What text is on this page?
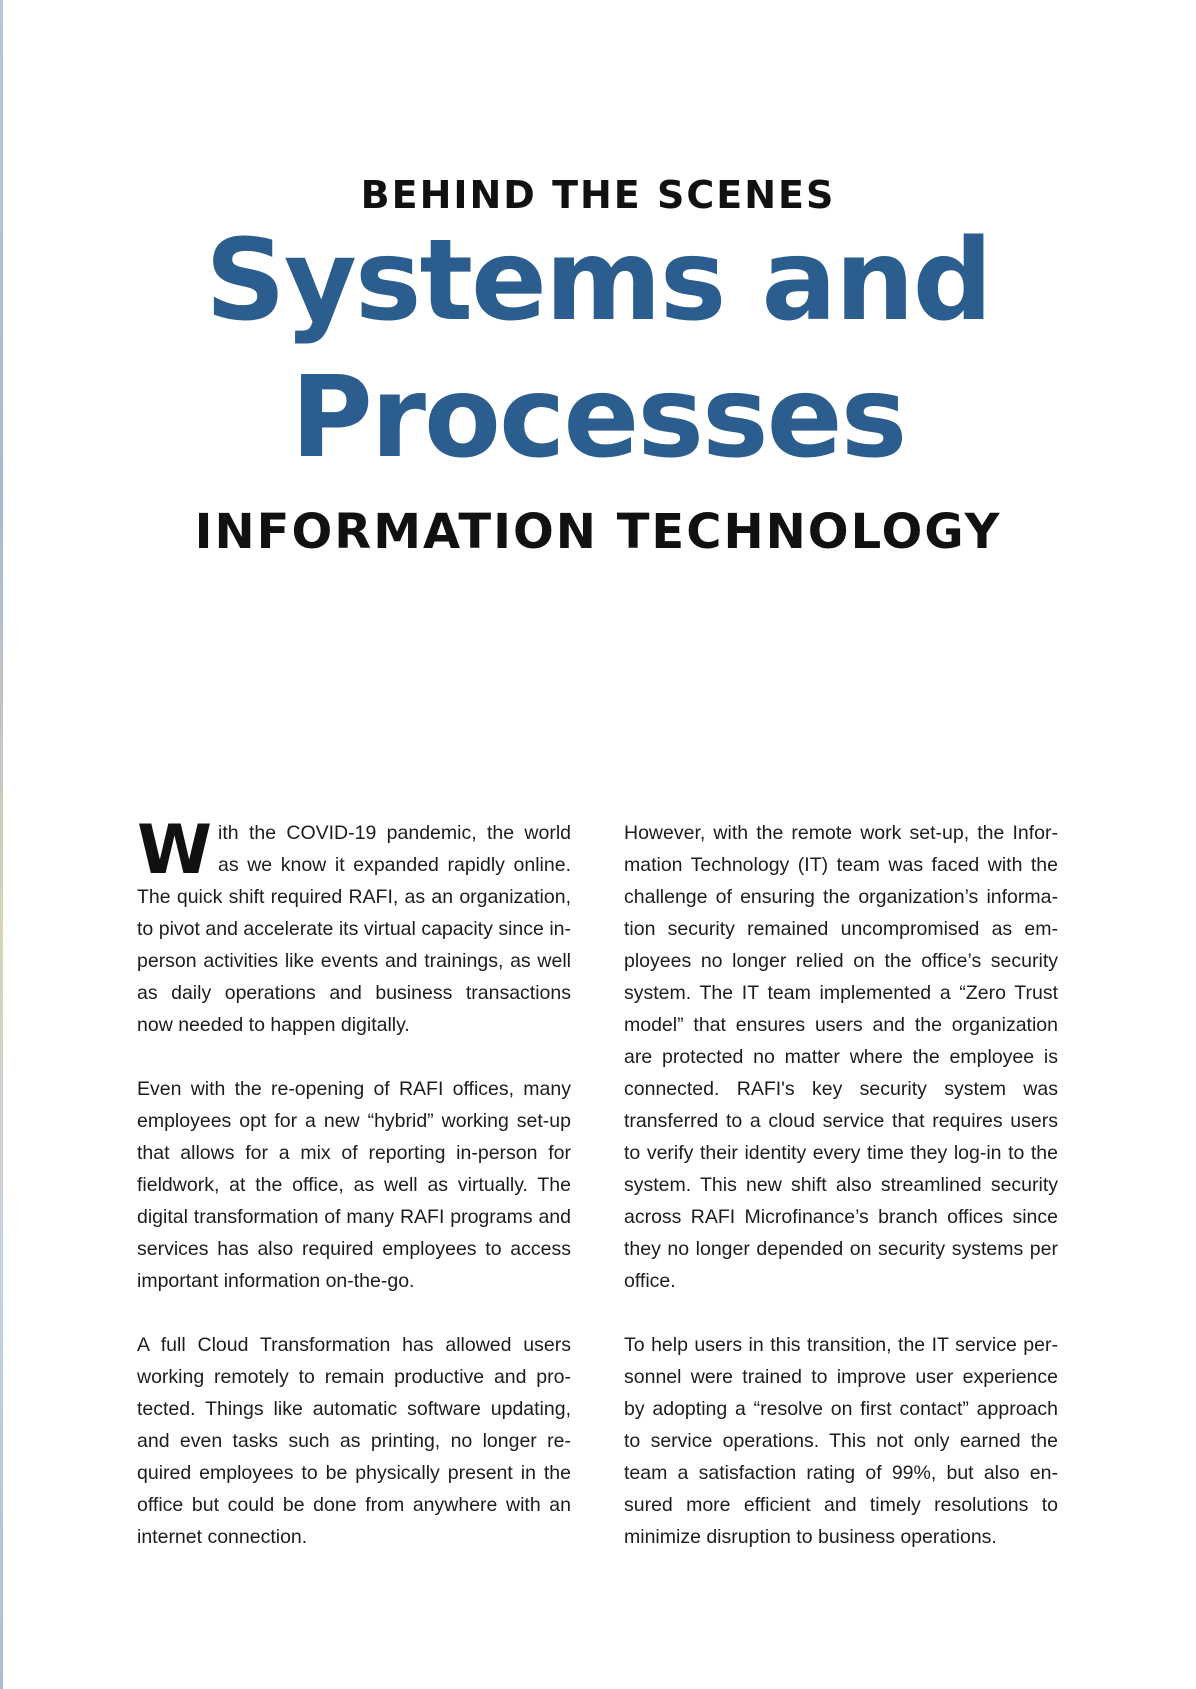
BEHIND THE SCENES
Systems and
Processes
INFORMATION TECHNOLOGY

With the COVID-19 pandemic, the world as we know it expanded rapidly online. The quick shift required RAFI, as an organization, to pivot and accelerate its virtual capacity since in-person activities like events and trainings, as well as daily operations and business transactions now needed to happen digitally.

Even with the re-opening of RAFI offices, many employees opt for a new “hybrid” working set-up that allows for a mix of reporting in-person for fieldwork, at the office, as well as virtually. The digital transformation of many RAFI programs and services has also required employees to access important information on-the-go.

A full Cloud Transformation has allowed users working remotely to remain productive and protected. Things like automatic software updating, and even tasks such as printing, no longer required employees to be physically present in the office but could be done from anywhere with an internet connection.

However, with the remote work set-up, the Information Technology (IT) team was faced with the challenge of ensuring the organization’s information security remained uncompromised as employees no longer relied on the office’s security system. The IT team implemented a “Zero Trust model” that ensures users and the organization are protected no matter where the employee is connected. RAFI's key security system was transferred to a cloud service that requires users to verify their identity every time they log-in to the system. This new shift also streamlined security across RAFI Microfinance’s branch offices since they no longer depended on security systems per office.

To help users in this transition, the IT service personnel were trained to improve user experience by adopting a “resolve on first contact” approach to service operations. This not only earned the team a satisfaction rating of 99%, but also ensured more efficient and timely resolutions to minimize disruption to business operations.
